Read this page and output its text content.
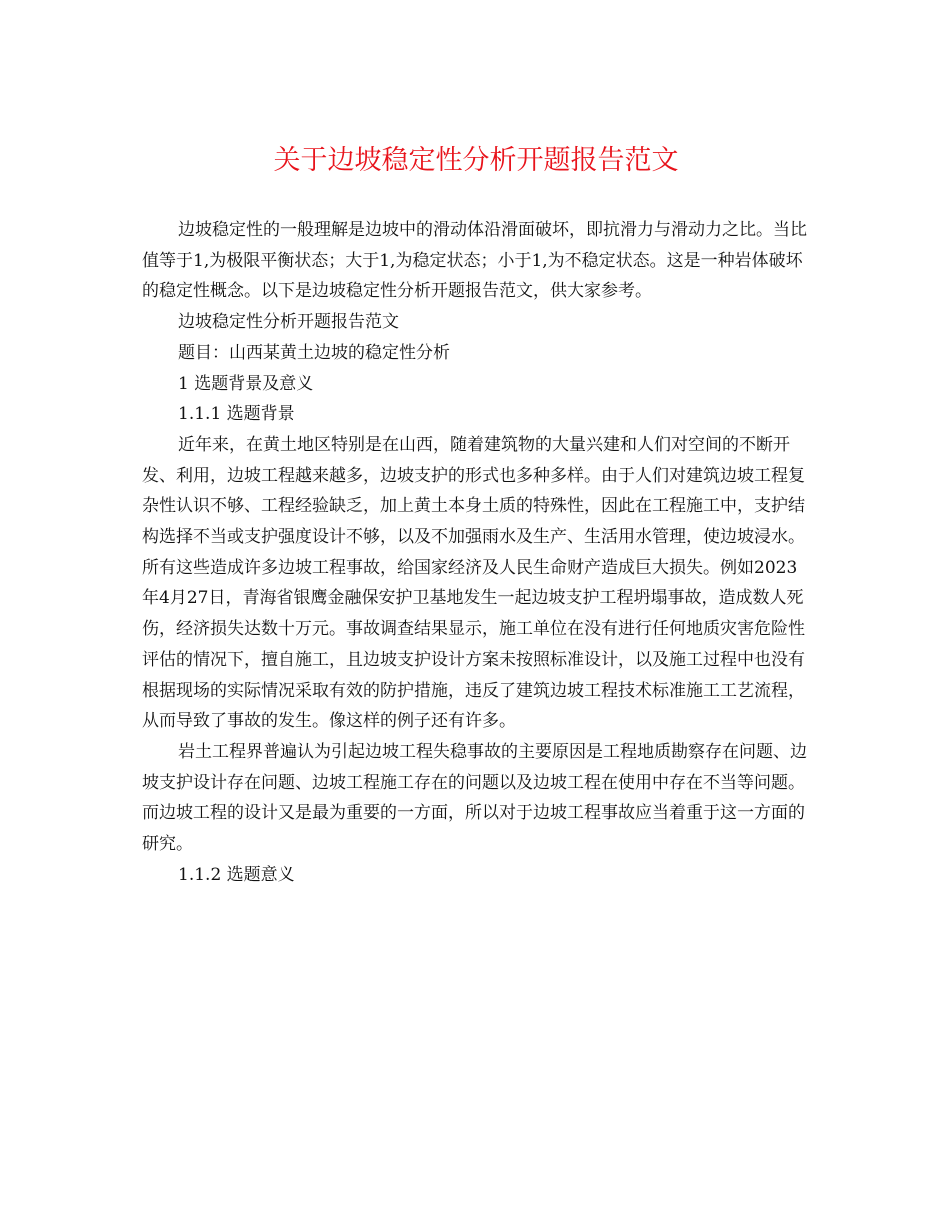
关于边坡稳定性分析开题报告范文

边坡稳定性的一般理解是边坡中的滑动体沿滑面破坏，即抗滑力与滑动力之比。当比值等于1,为极限平衡状态；大于1,为稳定状态；小于1,为不稳定状态。这是一种岩体破坏的稳定性概念。以下是边坡稳定性分析开题报告范文，供大家参考。

边坡稳定性分析开题报告范文

题目：山西某黄土边坡的稳定性分析

1 选题背景及意义

1.1.1 选题背景

近年来，在黄土地区特别是在山西，随着建筑物的大量兴建和人们对空间的不断开发、利用，边坡工程越来越多，边坡支护的形式也多种多样。由于人们对建筑边坡工程复杂性认识不够、工程经验缺乏，加上黄土本身土质的特殊性，因此在工程施工中，支护结构选择不当或支护强度设计不够，以及不加强雨水及生产、生活用水管理，使边坡浸水。所有这些造成许多边坡工程事故，给国家经济及人民生命财产造成巨大损失。例如2023年4月27日，青海省银鹰金融保安护卫基地发生一起边坡支护工程坍塌事故，造成数人死伤，经济损失达数十万元。事故调查结果显示，施工单位在没有进行任何地质灾害危险性评估的情况下，擅自施工，且边坡支护设计方案未按照标准设计，以及施工过程中也没有根据现场的实际情况采取有效的防护措施，违反了建筑边坡工程技术标准施工工艺流程，从而导致了事故的发生。像这样的例子还有许多。

岩土工程界普遍认为引起边坡工程失稳事故的主要原因是工程地质勘察存在问题、边坡支护设计存在问题、边坡工程施工存在的问题以及边坡工程在使用中存在不当等问题。而边坡工程的设计又是最为重要的一方面，所以对于边坡工程事故应当着重于这一方面的研究。

1.1.2 选题意义
